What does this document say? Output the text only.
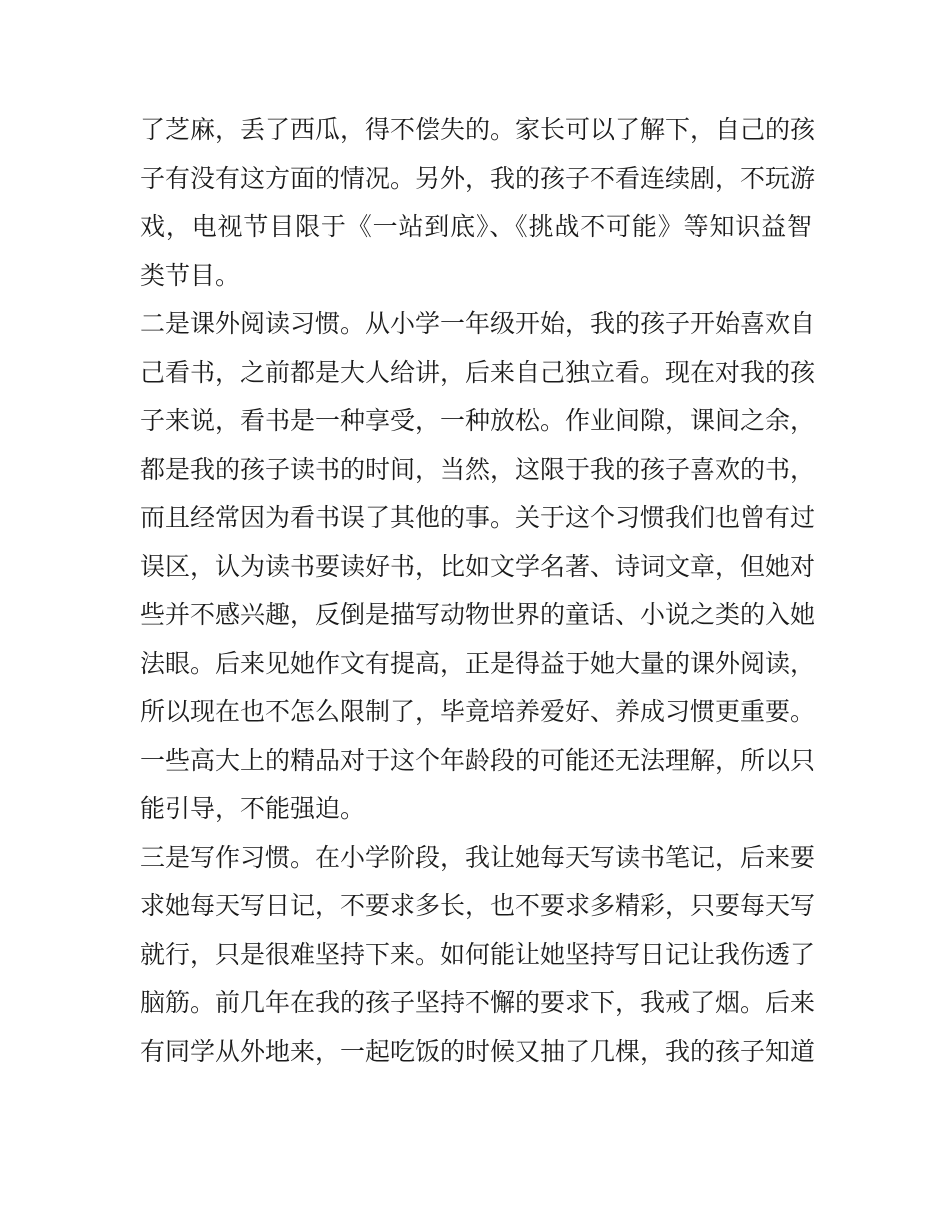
了芝麻，丢了西瓜，得不偿失的。家长可以了解下，自己的孩
子有没有这方面的情况。另外，我的孩子不看连续剧，不玩游
戏，电视节目限于《一站到底》、《挑战不可能》等知识益智
类节目。

二是课外阅读习惯。从小学一年级开始，我的孩子开始喜欢自
己看书，之前都是大人给讲，后来自己独立看。现在对我的孩
子来说，看书是一种享受，一种放松。作业间隙，课间之余，
都是我的孩子读书的时间，当然，这限于我的孩子喜欢的书，
而且经常因为看书误了其他的事。关于这个习惯我们也曾有过
误区，认为读书要读好书，比如文学名著、诗词文章，但她对
些并不感兴趣，反倒是描写动物世界的童话、小说之类的入她
法眼。后来见她作文有提高，正是得益于她大量的课外阅读，
所以现在也不怎么限制了，毕竟培养爱好、养成习惯更重要。
一些高大上的精品对于这个年龄段的可能还无法理解，所以只
能引导，不能强迫。

三是写作习惯。在小学阶段，我让她每天写读书笔记，后来要
求她每天写日记，不要求多长，也不要求多精彩，只要每天写
就行，只是很难坚持下来。如何能让她坚持写日记让我伤透了
脑筋。前几年在我的孩子坚持不懈的要求下，我戒了烟。后来
有同学从外地来，一起吃饭的时候又抽了几棵，我的孩子知道
